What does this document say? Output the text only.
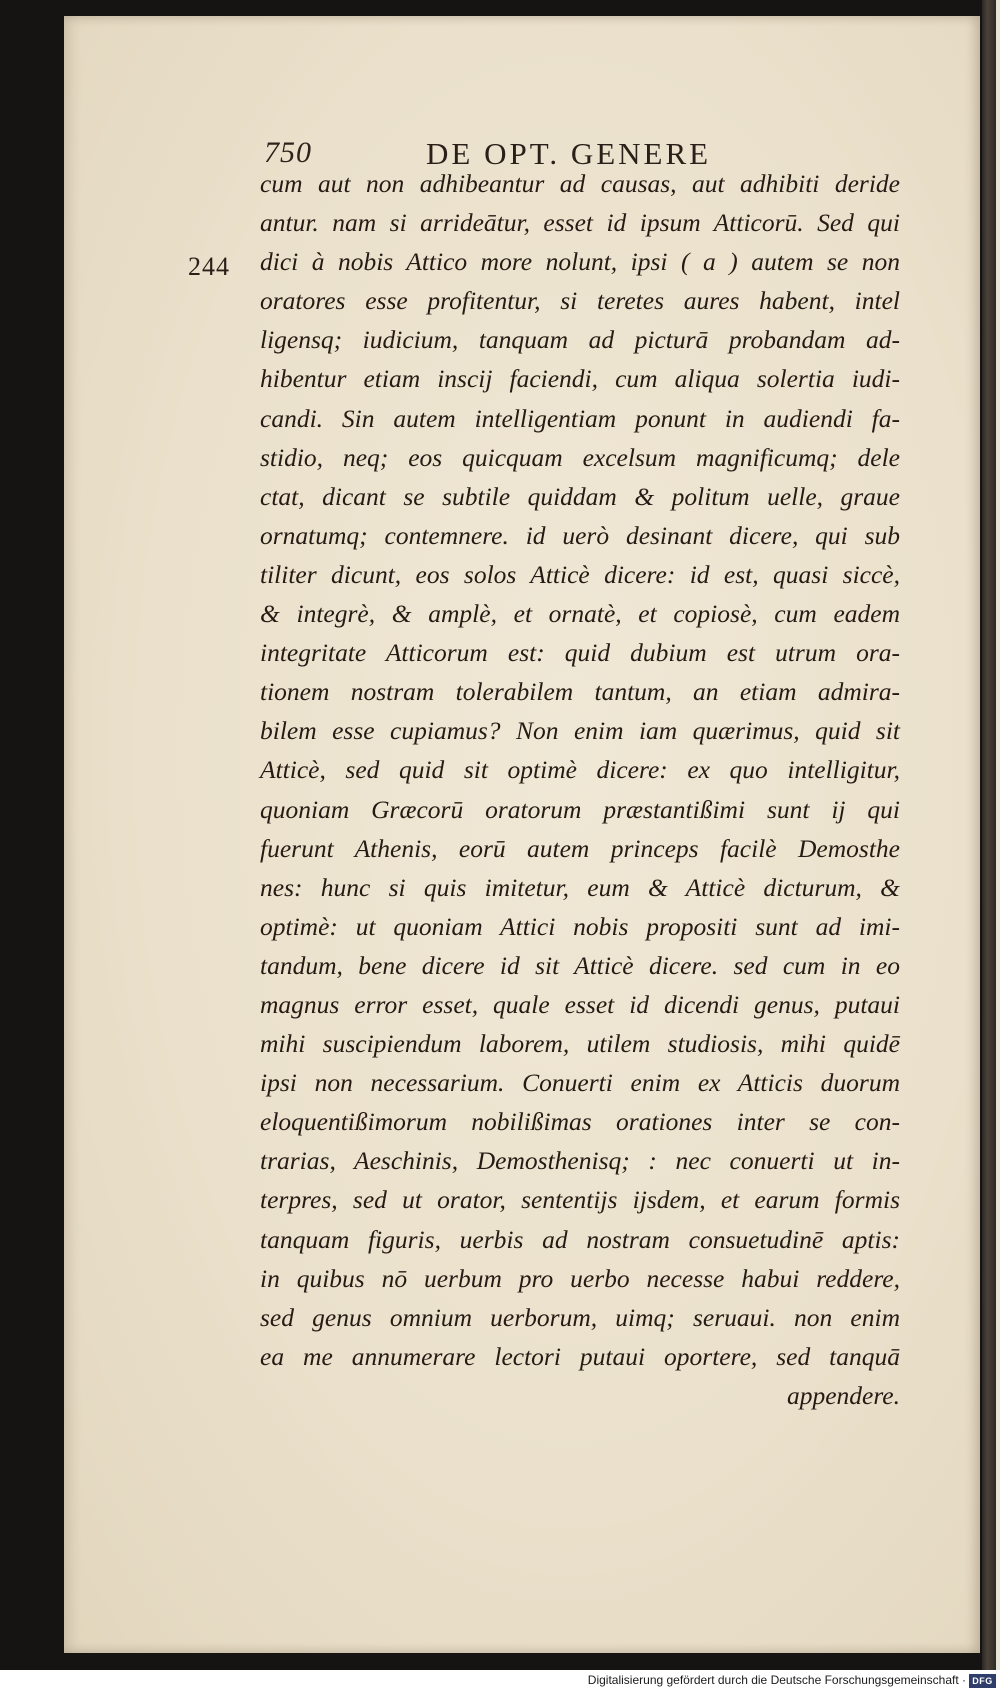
750	DE OPT. GENERE
244
cum aut non adhibeantur ad causas, aut adhibiti deride
antur. nam si arrideātur, esset id ipsum Atticorū. Sed qui
dici à nobis Attico more nolunt, ipsi ( a ) autem se non
oratores esse profitentur, si teretes aures habent, intel
ligensq; iudicium, tanquam ad picturā probandam ad-
hibentur etiam inscij faciendi, cum aliqua solertia iudi-
candi. Sin autem intelligentiam ponunt in audiendi fa-
stidio, neq; eos quicquam excelsum magnificumq; dele
ctat, dicant se subtile quiddam & politum uelle, graue
ornatumq; contemnere. id uerò desinant dicere, qui sub
tiliter dicunt, eos solos Atticè dicere: id est, quasi siccè,
& integrè, & amplè, et ornatè, et copiosè, cum eadem
integritate Atticorum est: quid dubium est utrum ora-
tionem nostram tolerabilem tantum, an etiam admira-
bilem esse cupiamus? Non enim iam quærimus, quid sit
Atticè, sed quid sit optimè dicere: ex quo intelligitur,
quoniam Græcorū oratorum præstantißimi sunt ij qui
fuerunt Athenis, eorū autem princeps facilè Demosthe
nes: hunc si quis imitetur, eum & Atticè dicturum, &
optimè: ut quoniam Attici nobis propositi sunt ad imi-
tandum, bene dicere id sit Atticè dicere. sed cum in eo
magnus error esset, quale esset id dicendi genus, putaui
mihi suscipiendum laborem, utilem studiosis, mihi quidē
ipsi non necessarium. Conuerti enim ex Atticis duorum
eloquentißimorum nobilißimas orationes inter se con-
trarias, Aeschinis, Demosthenisq; : nec conuerti ut in-
terpres, sed ut orator, sententijs ijsdem, et earum formis
tanquam figuris, uerbis ad nostram consuetudinē aptis:
in quibus nō uerbum pro uerbo necesse habui reddere,
sed genus omnium uerborum, uimq; seruaui. non enim
ea me annumerare lectori putaui oportere, sed tanquā
appendere.
Digitalisierung gefördert durch die Deutsche Forschungsgemeinschaft · DFG
